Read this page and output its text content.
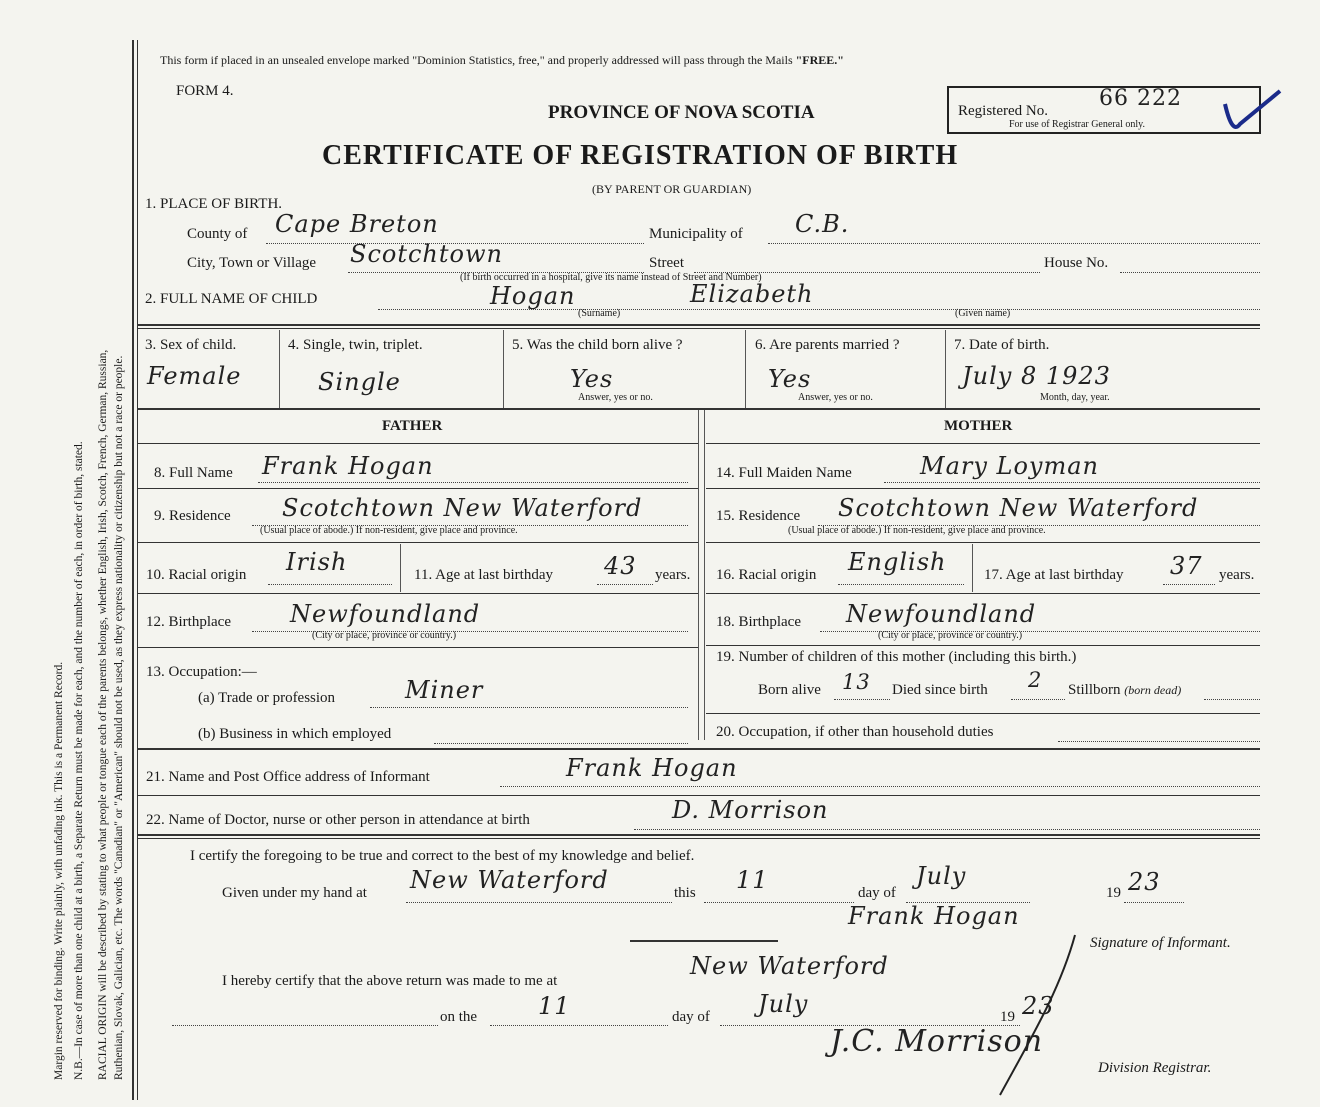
Margin reserved for binding. Write plainly, with unfading ink. This is a Permanent Record. N.B.—In case of more than one child at a birth, a Separate Return must be made for each, and the number of each, in order of birth, stated. RACIAL ORIGIN will be described by stating to what people or tongue each of the parents belongs, whether English, Irish, Scotch, French, German, Russian, Ruthenian, Slovak, Galician, etc. The words "Canadian" or "American" should not be used, as they express nationality or citizenship but not a race or people.
This form if placed in an unsealed envelope marked "Dominion Statistics, free," and properly addressed will pass through the Mails "FREE."
FORM 4.
PROVINCE OF NOVA SCOTIA
CERTIFICATE OF REGISTRATION OF BIRTH
(BY PARENT OR GUARDIAN)
Registered No. 66 222
For use of Registrar General only.
1. PLACE OF BIRTH.
County of Cape Breton	Municipality of C.B.
City, Town or Village Scotchtown	Street	House No.
(If birth occurred in a hospital, give its name instead of Street and Number)
2. FULL NAME OF CHILD	Hogan	Elizabeth
(Surname)	(Given name)
3. Sex of child.
Female
4. Single, twin, triplet.
Single
5. Was the child born alive ?
Yes
Answer, yes or no.
6. Are parents married ?
Yes
Answer, yes or no.
7. Date of birth.
July 8 1923
Month, day, year.
FATHER	MOTHER
8. Full Name Frank Hogan
9. Residence Scotchtown New Waterford
(Usual place of abode.) If non-resident, give place and province.
10. Racial origin Irish	11. Age at last birthday 43 years.
12. Birthplace Newfoundland
(City or place, province or country.)
13. Occupation:—
(a) Trade or profession	Miner
(b) Business in which employed
14. Full Maiden Name	Mary Loyman
15. Residence Scotchtown New Waterford
(Usual place of abode.) If non-resident, give place and province.
16. Racial origin English	17. Age at last birthday 37 years.
18. Birthplace Newfoundland
(City or place, province or country.)
19. Number of children of this mother (including this birth.)
Born alive 13 Died since birth 2 Stillborn (born dead)
20. Occupation, if other than household duties
21. Name and Post Office address of Informant	Frank Hogan
22. Name of Doctor, nurse or other person in attendance at birth	D. Morrison
I certify the foregoing to be true and correct to the best of my knowledge and belief.
Given under my hand at New Waterford	this 11	day of
July
19 23
Frank Hogan
Signature of Informant.
I hereby certify that the above return was made to me at
New Waterford
on the	11	day of July	19 23
J.C. Morrison
Division Registrar.
